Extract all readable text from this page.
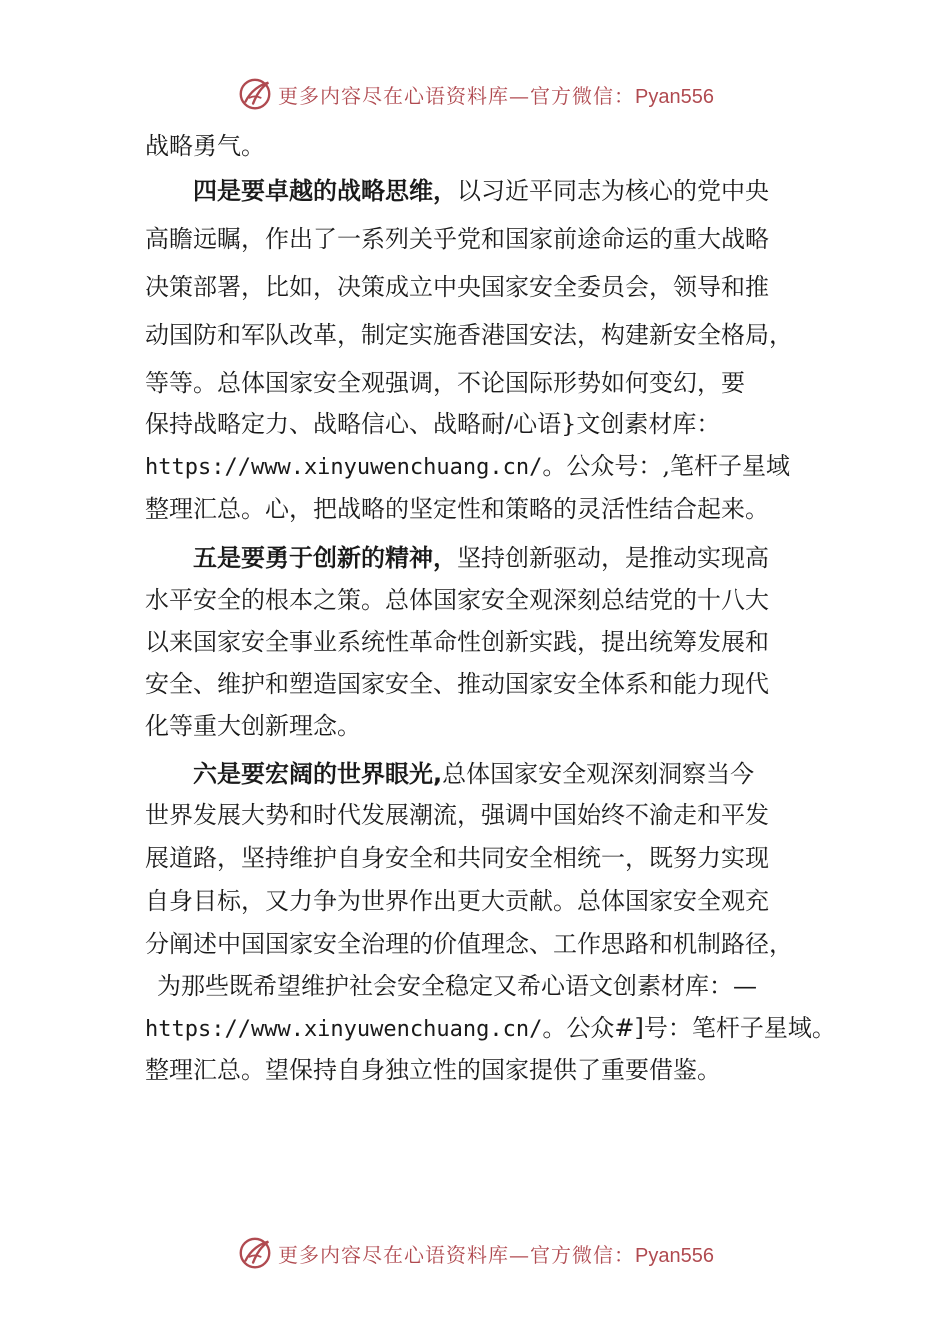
更多内容尽在心语资料库—官方微信：Pyan556
战略勇气。
四是要卓越的战略思维，以习近平同志为核心的党中央
高瞻远瞩，作出了一系列关乎党和国家前途命运的重大战略
决策部署，比如，决策成立中央国家安全委员会，领导和推
动国防和军队改革，制定实施香港国安法，构建新安全格局，
等等。总体国家安全观强调，不论国际形势如何变幻，要
保持战略定力、战略信心、战略耐/心语}文创素材库：
https://www.xinyuwenchuang.cn/。公众号：,笔杆子星域
整理汇总。心，把战略的坚定性和策略的灵活性结合起来。
五是要勇于创新的精神，坚持创新驱动，是推动实现高
水平安全的根本之策。总体国家安全观深刻总结党的十八大
以来国家安全事业系统性革命性创新实践，提出统筹发展和
安全、维护和塑造国家安全、推动国家安全体系和能力现代
化等重大创新理念。
六是要宏阔的世界眼光,总体国家安全观深刻洞察当今
世界发展大势和时代发展潮流，强调中国始终不渝走和平发
展道路，坚持维护自身安全和共同安全相统一，既努力实现
自身目标，又力争为世界作出更大贡献。总体国家安全观充
分阐述中国国家安全治理的价值理念、工作思路和机制路径，
为那些既希望维护社会安全稳定又希心语文创素材库：—
https://www.xinyuwenchuang.cn/。公众#]号：笔杆子星域。
整理汇总。望保持自身独立性的国家提供了重要借鉴。
更多内容尽在心语资料库—官方微信：Pyan556
